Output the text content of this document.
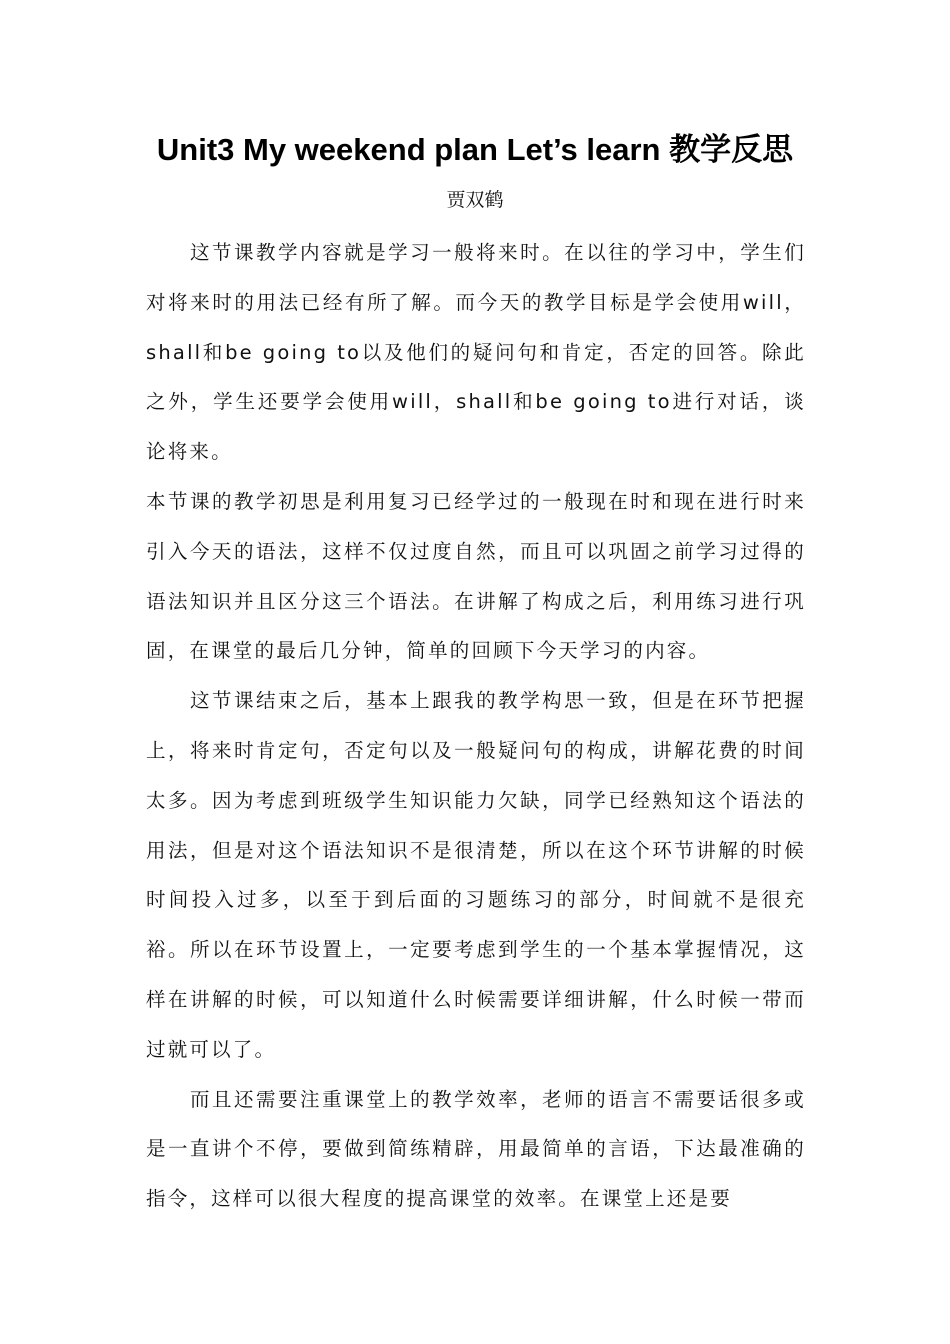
Unit3 My weekend plan Let’s learn 教学反思
贾双鹤

这节课教学内容就是学习一般将来时。在以往的学习中，学生们对将来时的用法已经有所了解。而今天的教学目标是学会使用will，shall和be going to以及他们的疑问句和肯定，否定的回答。除此之外，学生还要学会使用will，shall和be going to进行对话，谈论将来。

本节课的教学初思是利用复习已经学过的一般现在时和现在进行时来引入今天的语法，这样不仅过度自然，而且可以巩固之前学习过得的语法知识并且区分这三个语法。在讲解了构成之后，利用练习进行巩固，在课堂的最后几分钟，简单的回顾下今天学习的内容。

这节课结束之后，基本上跟我的教学构思一致，但是在环节把握上，将来时肯定句，否定句以及一般疑问句的构成，讲解花费的时间太多。因为考虑到班级学生知识能力欠缺，同学已经熟知这个语法的用法，但是对这个语法知识不是很清楚，所以在这个环节讲解的时候时间投入过多，以至于到后面的习题练习的部分，时间就不是很充裕。所以在环节设置上，一定要考虑到学生的一个基本掌握情况，这样在讲解的时候，可以知道什么时候需要详细讲解，什么时候一带而过就可以了。

而且还需要注重课堂上的教学效率，老师的语言不需要话很多或是一直讲个不停，要做到简练精辟，用最简单的言语，下达最准确的指令，这样可以很大程度的提高课堂的效率。在课堂上还是要
